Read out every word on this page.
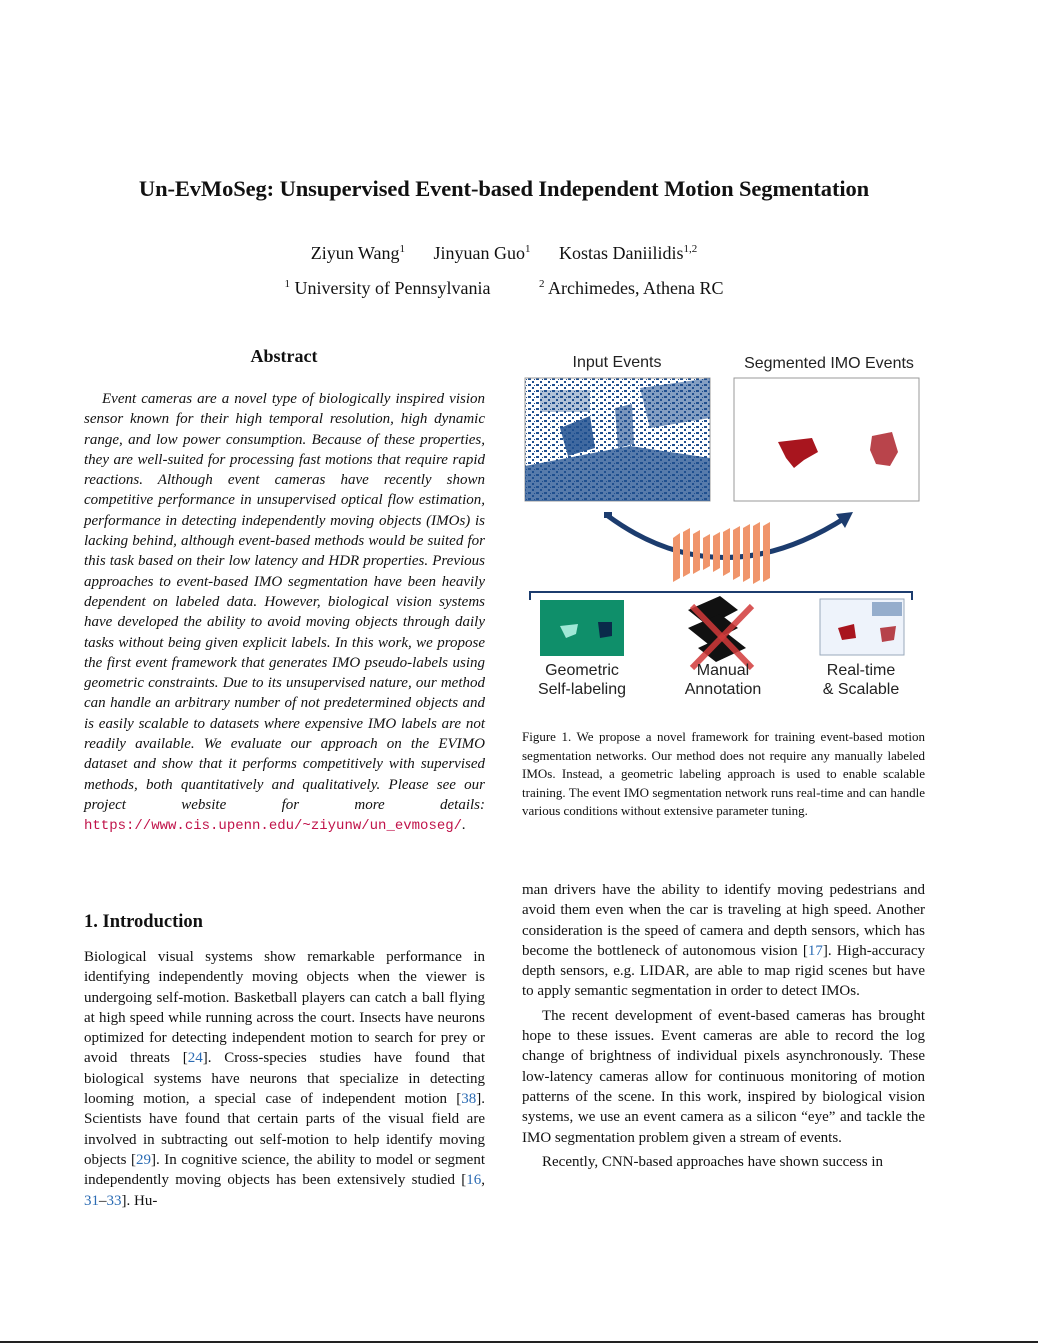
Un-EvMoSeg: Unsupervised Event-based Independent Motion Segmentation
Ziyun Wang$^1$ Jinyuan Guo$^1$ Kostas Daniilidis$^{1,2}$
$^1$ University of Pennsylvania	$^2$ Archimedes, Athena RC
Abstract
Event cameras are a novel type of biologically inspired vision sensor known for their high temporal resolution, high dynamic range, and low power consumption. Because of these properties, they are well-suited for processing fast motions that require rapid reactions. Although event cameras have recently shown competitive performance in unsupervised optical flow estimation, performance in detecting independently moving objects (IMOs) is lacking behind, although event-based methods would be suited for this task based on their low latency and HDR properties. Previous approaches to event-based IMO segmentation have been heavily dependent on labeled data. However, biological vision systems have developed the ability to avoid moving objects through daily tasks without being given explicit labels. In this work, we propose the first event framework that generates IMO pseudo-labels using geometric constraints. Due to its unsupervised nature, our method can handle an arbitrary number of not predetermined objects and is easily scalable to datasets where expensive IMO labels are not readily available. We evaluate our approach on the EVIMO dataset and show that it performs competitively with supervised methods, both quantitatively and qualitatively. Please see our project website for more details: https://www.cis.upenn.edu/~ziyunw/un_evmoseg/.
Input Events	Segmented IMO Events
Geometric
Self-labeling
Manual
Annotation
Real-time
& Scalable
Figure 1. We propose a novel framework for training event-based motion segmentation networks. Our method does not require any manually labeled IMOs. Instead, a geometric labeling approach is used to enable scalable training. The event IMO segmentation network runs real-time and can handle various conditions without extensive parameter tuning.
1. Introduction
Biological visual systems show remarkable performance in identifying independently moving objects when the viewer is undergoing self-motion. Basketball players can catch a ball flying at high speed while running across the court. Insects have neurons optimized for detecting independent motion to search for prey or avoid threats [24]. Cross-species studies have found that biological systems have neurons that specialize in detecting looming motion, a special case of independent motion [38]. Scientists have found that certain parts of the visual field are involved in subtracting out self-motion to help identify moving objects [29]. In cognitive science, the ability to model or segment independently moving objects has been extensively studied [16, 31–33]. Hu-

man drivers have the ability to identify moving pedestrians and avoid them even when the car is traveling at high speed. Another consideration is the speed of camera and depth sensors, which has become the bottleneck of autonomous vision [17]. High-accuracy depth sensors, e.g. LIDAR, are able to map rigid scenes but have to apply semantic segmentation in order to detect IMOs.

The recent development of event-based cameras has brought hope to these issues. Event cameras are able to record the log change of brightness of individual pixels asynchronously. These low-latency cameras allow for continuous monitoring of motion patterns of the scene. In this work, inspired by biological vision systems, we use an event camera as a silicon “eye” and tackle the IMO segmentation problem given a stream of events.

Recently, CNN-based approaches have shown success in
